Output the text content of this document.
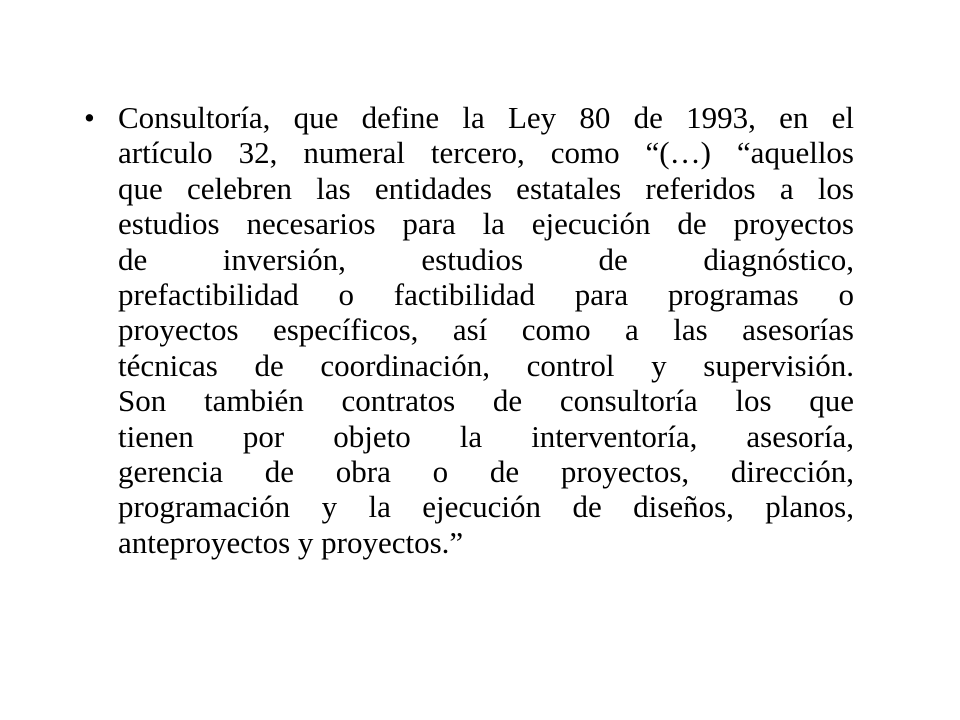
• Consultoría, que define la Ley 80 de 1993, en el
artículo 32, numeral tercero, como “(…) “aquellos
que celebren las entidades estatales referidos a los
estudios necesarios para la ejecución de proyectos
de inversión, estudios de diagnóstico,
prefactibilidad o factibilidad para programas o
proyectos específicos, así como a las asesorías
técnicas de coordinación, control y supervisión.
Son también contratos de consultoría los que
tienen por objeto la interventoría, asesoría,
gerencia de obra o de proyectos, dirección,
programación y la ejecución de diseños, planos,
anteproyectos y proyectos.”
